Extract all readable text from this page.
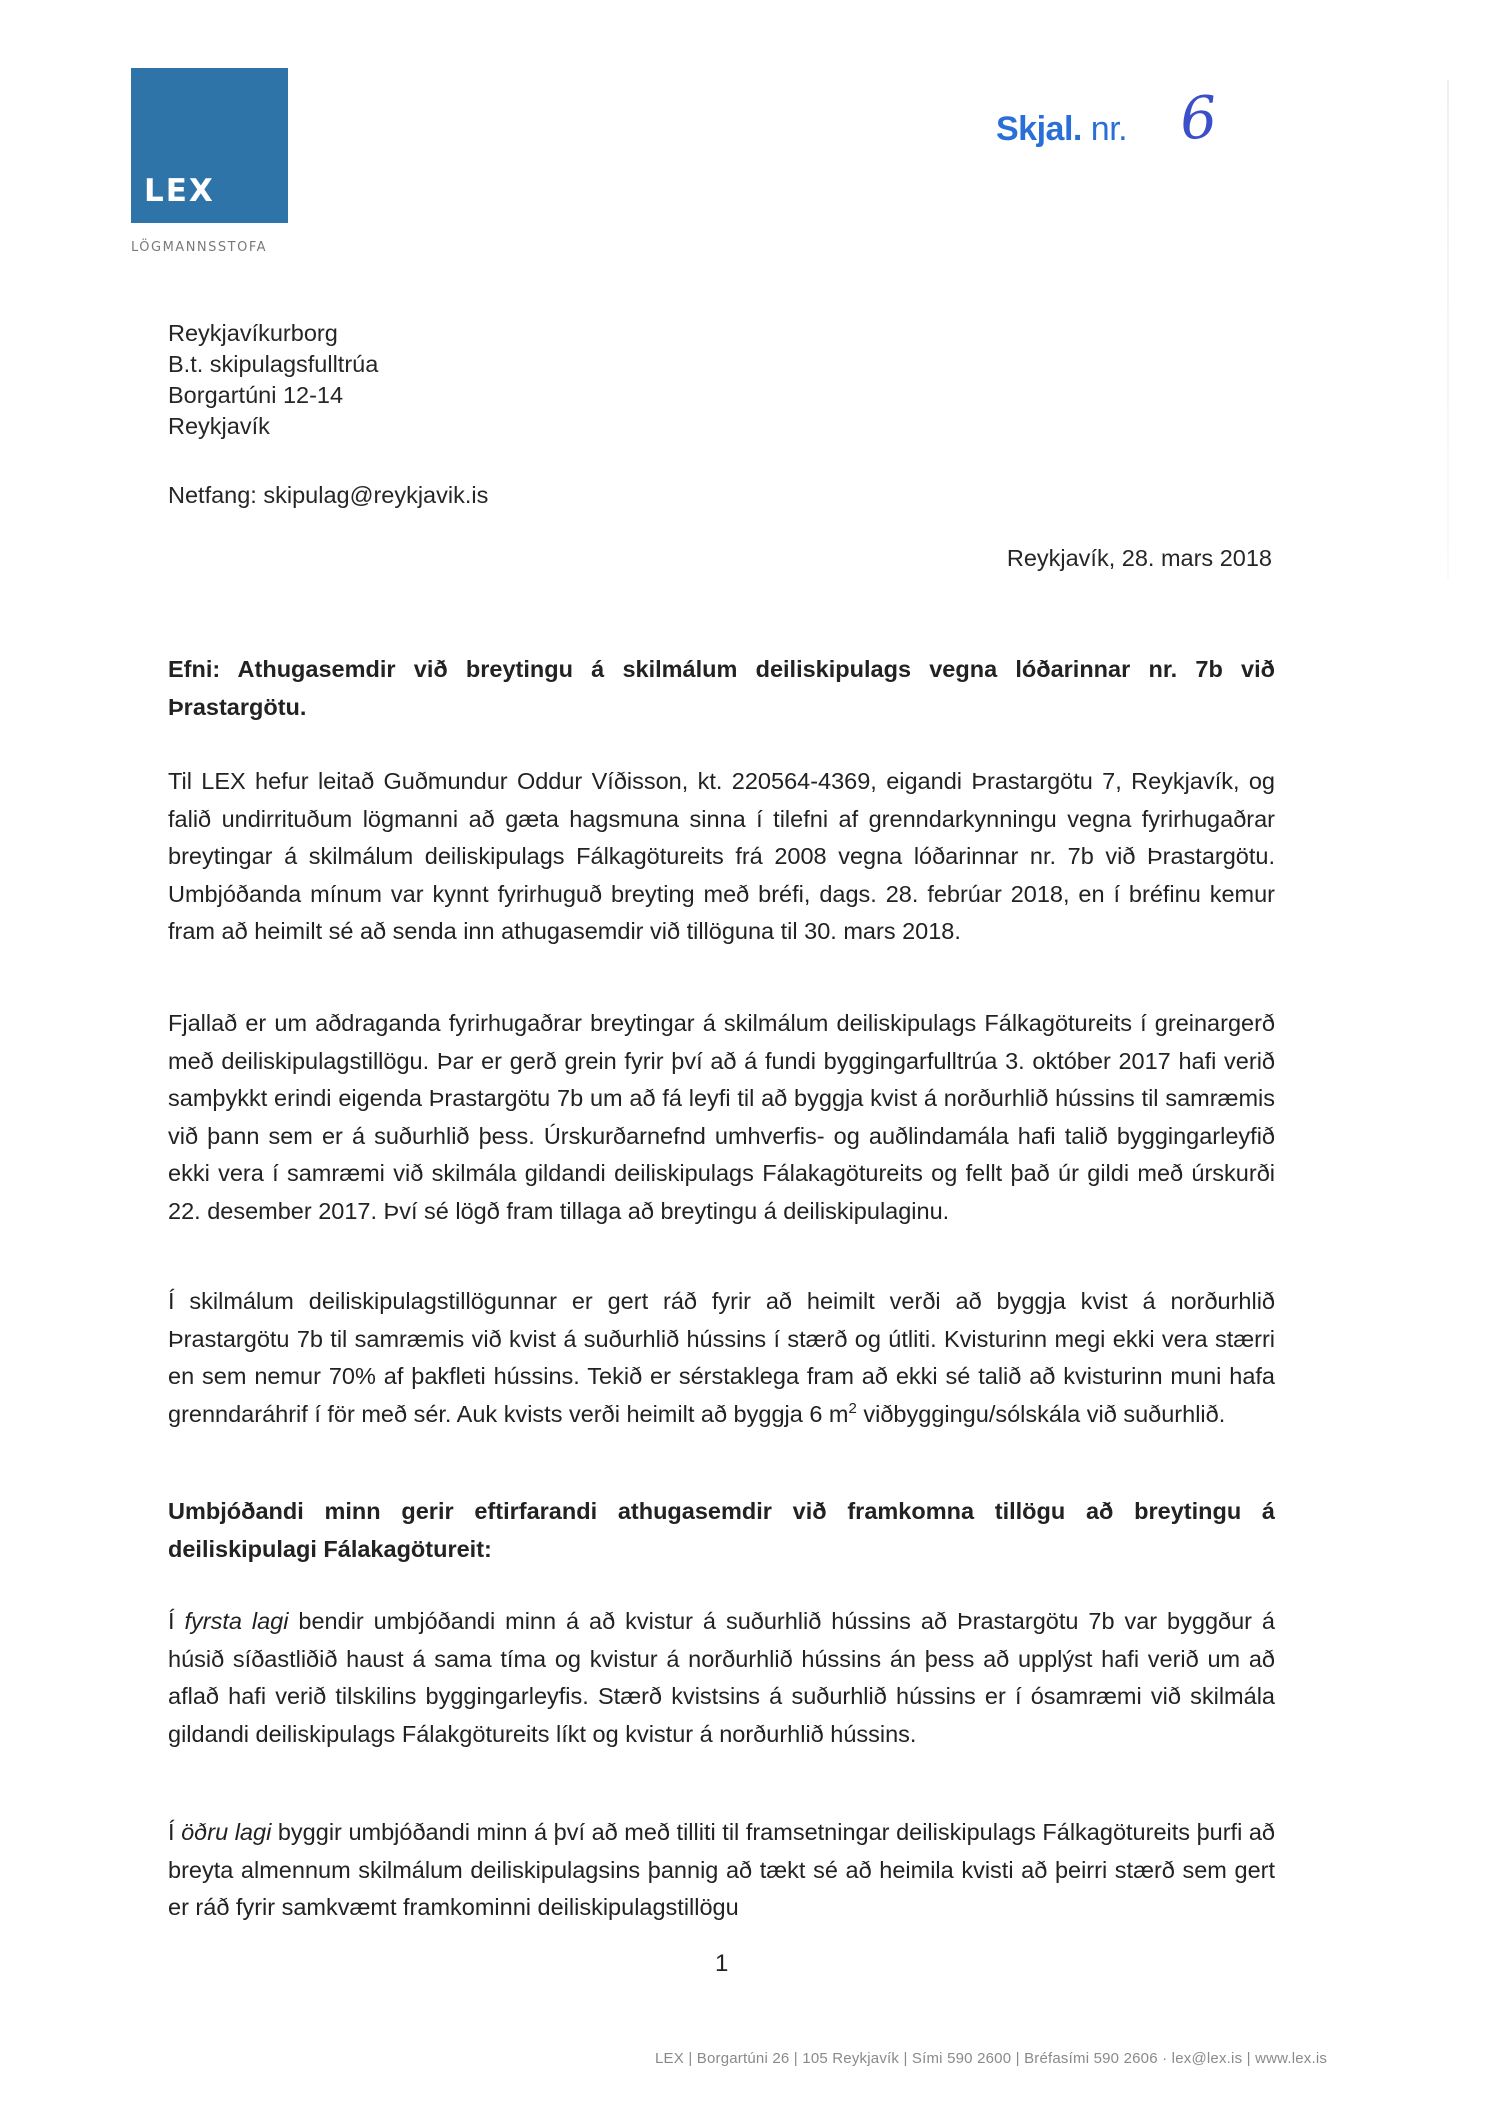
LEX
LÖGMANNSSTOFA
Skjal. nr. 6
Reykjavíkurborg
B.t. skipulagsfulltrúa
Borgartúni 12-14
Reykjavík
Netfang: skipulag@reykjavik.is
Reykjavík, 28. mars 2018
Efni: Athugasemdir við breytingu á skilmálum deiliskipulags vegna lóðarinnar nr. 7b við Þrastargötu.

Til LEX hefur leitað Guðmundur Oddur Víðisson, kt. 220564-4369, eigandi Þrastargötu 7, Reykjavík, og falið undirrituðum lögmanni að gæta hagsmuna sinna í tilefni af grenndarkynningu vegna fyrirhugaðrar breytingar á skilmálum deiliskipulags Fálkagötureits frá 2008 vegna lóðarinnar nr. 7b við Þrastargötu. Umbjóðanda mínum var kynnt fyrirhuguð breyting með bréfi, dags. 28. febrúar 2018, en í bréfinu kemur fram að heimilt sé að senda inn athugasemdir við tillöguna til 30. mars 2018.

Fjallað er um aðdraganda fyrirhugaðrar breytingar á skilmálum deiliskipulags Fálkagötureits í greinargerð með deiliskipulagstillögu. Þar er gerð grein fyrir því að á fundi byggingarfulltrúa 3. október 2017 hafi verið samþykkt erindi eigenda Þrastargötu 7b um að fá leyfi til að byggja kvist á norðurhlið hússins til samræmis við þann sem er á suðurhlið þess. Úrskurðarnefnd umhverfis- og auðlindamála hafi talið byggingarleyfið ekki vera í samræmi við skilmála gildandi deiliskipulags Fálakagötureits og fellt það úr gildi með úrskurði 22. desember 2017. Því sé lögð fram tillaga að breytingu á deiliskipulaginu.

Í skilmálum deiliskipulagstillögunnar er gert ráð fyrir að heimilt verði að byggja kvist á norðurhlið Þrastargötu 7b til samræmis við kvist á suðurhlið hússins í stærð og útliti. Kvisturinn megi ekki vera stærri en sem nemur 70% af þakfleti hússins. Tekið er sérstaklega fram að ekki sé talið að kvisturinn muni hafa grenndaráhrif í för með sér. Auk kvists verði heimilt að byggja 6 $m^2$ viðbyggingu/sólskála við suðurhlið.

Umbjóðandi minn gerir eftirfarandi athugasemdir við framkomna tillögu að breytingu á deiliskipulagi Fálakagötureit:

Í fyrsta lagi bendir umbjóðandi minn á að kvistur á suðurhlið hússins að Þrastargötu 7b var byggður á húsið síðastliðið haust á sama tíma og kvistur á norðurhlið hússins án þess að upplýst hafi verið um að aflað hafi verið tilskilins byggingarleyfis. Stærð kvistsins á suðurhlið hússins er í ósamræmi við skilmála gildandi deiliskipulags Fálakgötureits líkt og kvistur á norðurhlið hússins.

Í öðru lagi byggir umbjóðandi minn á því að með tilliti til framsetningar deiliskipulags Fálkagötureits þurfi að breyta almennum skilmálum deiliskipulagsins þannig að tækt sé að heimila kvisti að þeirri stærð sem gert er ráð fyrir samkvæmt framkominni deiliskipulagstillögu

1
LEX | Borgartúni 26 | 105 Reykjavík | Sími 590 2600 | Bréfasími 590 2606 · lex@lex.is | www.lex.is
